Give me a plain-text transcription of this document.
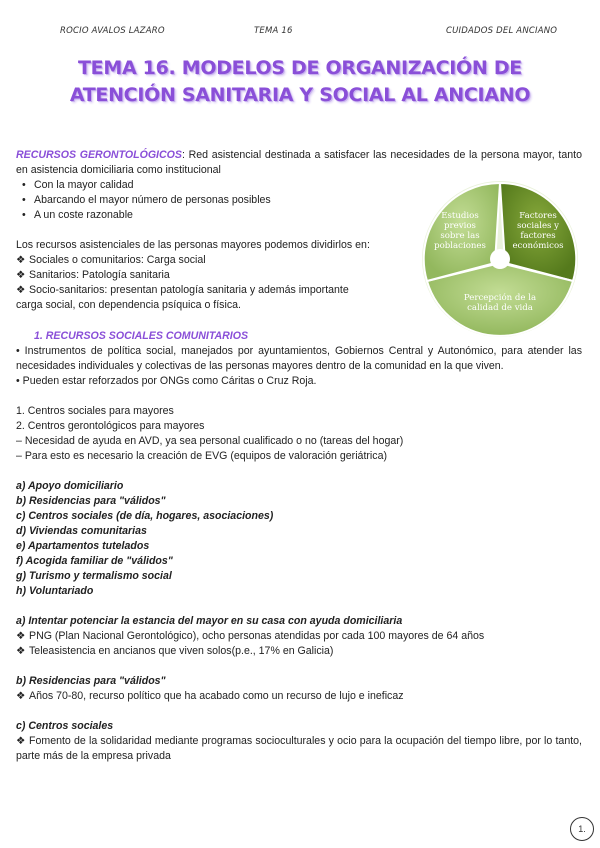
ROCIO AVALOS LAZARO	TEMA 16	CUIDADOS DEL ANCIANO
TEMA 16. MODELOS DE ORGANIZACIÓN DE
ATENCIÓN SANITARIA Y SOCIAL AL ANCIANO

RECURSOS GERONTOLÓGICOS: Red asistencial destinada a satisfacer las necesidades de la persona mayor, tanto en asistencia domiciliaria como institucional

• Con la mayor calidad
• Abarcando el mayor número de personas posibles
• A un coste razonable

Los recursos asistenciales de las personas mayores podemos dividirlos en:

❖ Sociales o comunitarios: Carga social

❖ Sanitarios: Patología sanitaria

❖ Socio-sanitarios: presentan patología sanitaria y además importante

carga social, con dependencia psíquica o física.

Estudios previos sobre las poblaciones
Factores sociales y factores económicos
Percepción de la calidad de vida

1. RECURSOS SOCIALES COMUNITARIOS

• Instrumentos de política social, manejados por ayuntamientos, Gobiernos Central y Autonómico, para atender las necesidades individuales y colectivas de las personas mayores dentro de la comunidad en la que viven.

• Pueden estar reforzados por ONGs como Cáritas o Cruz Roja.

1. Centros sociales para mayores

2. Centros gerontológicos para mayores

– Necesidad de ayuda en AVD, ya sea personal cualificado o no (tareas del hogar)

– Para esto es necesario la creación de EVG (equipos de valoración geriátrica)

a) Apoyo domiciliario

b) Residencias para "válidos"

c) Centros sociales (de día, hogares, asociaciones)

d) Viviendas comunitarias

e) Apartamentos tutelados

f) Acogida familiar de "válidos"

g) Turismo y termalismo social

h) Voluntariado

a) Intentar potenciar la estancia del mayor en su casa con ayuda domiciliaria

❖ PNG (Plan Nacional Gerontológico), ocho personas atendidas por cada 100 mayores de 64 años

❖ Teleasistencia en ancianos que viven solos(p.e., 17% en Galicia)

b) Residencias para "válidos"

❖ Años 70-80, recurso político que ha acabado como un recurso de lujo e ineficaz

c) Centros sociales

❖ Fomento de la solidaridad mediante programas socioculturales y ocio para la ocupación del tiempo libre, por lo tanto, parte más de la empresa privada

1.
